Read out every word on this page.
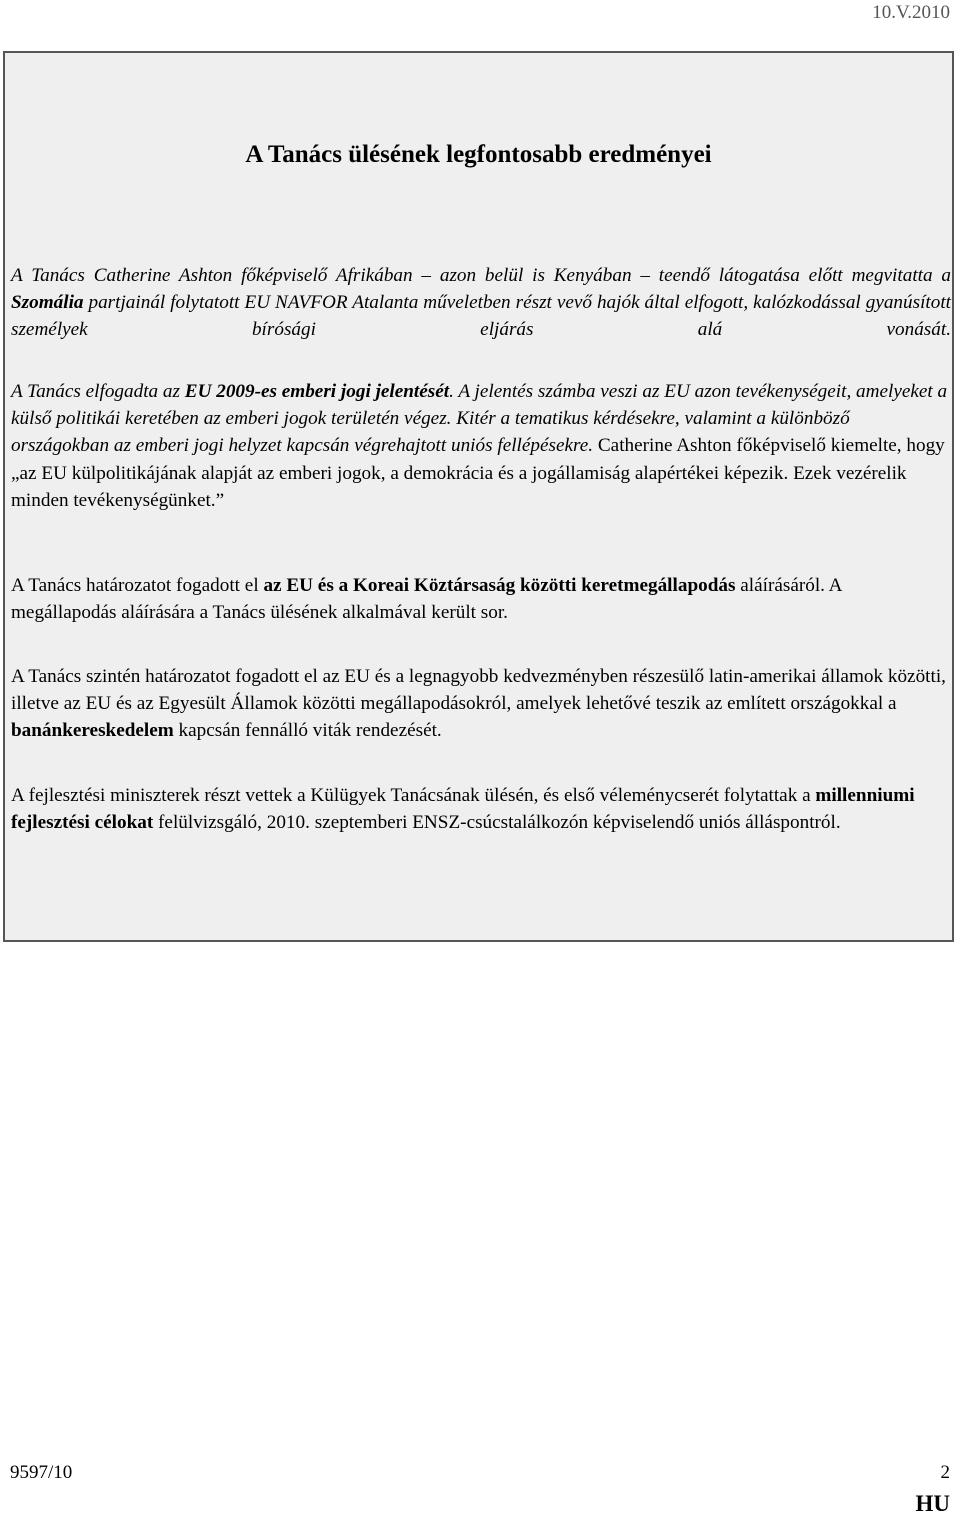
10.V.2010
A Tanács ülésének legfontosabb eredményei

A Tanács Catherine Ashton főképviselő Afrikában – azon belül is Kenyában – teendő látogatása előtt megvitatta a Szomália partjainál folytatott EU NAVFOR Atalanta műveletben részt vevő hajók által elfogott, kalózkodással gyanúsított személyek bírósági eljárás alá vonását.

A Tanács elfogadta az EU 2009-es emberi jogi jelentését. A jelentés számba veszi az EU azon tevékenységeit, amelyeket a külső politikái keretében az emberi jogok területén végez. Kitér a tematikus kérdésekre, valamint a különböző országokban az emberi jogi helyzet kapcsán végrehajtott uniós fellépésekre. Catherine Ashton főképviselő kiemelte, hogy „az EU külpolitikájának alapját az emberi jogok, a demokrácia és a jogállamiság alapértékei képezik. Ezek vezérelik minden tevékenységünket.”

A Tanács határozatot fogadott el az EU és a Koreai Köztársaság közötti keretmegállapodás aláírásáról. A megállapodás aláírására a Tanács ülésének alkalmával került sor.

A Tanács szintén határozatot fogadott el az EU és a legnagyobb kedvezményben részesülő latin-amerikai államok közötti, illetve az EU és az Egyesült Államok közötti megállapodásokról, amelyek lehetővé teszik az említett országokkal a banánkereskedelem kapcsán fennálló viták rendezését.

A fejlesztési miniszterek részt vettek a Külügyek Tanácsának ülésén, és első véleménycserét folytattak a millenniumi fejlesztési célokat felülvizsgáló, 2010. szeptemberi ENSZ-csúcstalálkozón képviselendő uniós álláspontról.

9597/10	2
HU
